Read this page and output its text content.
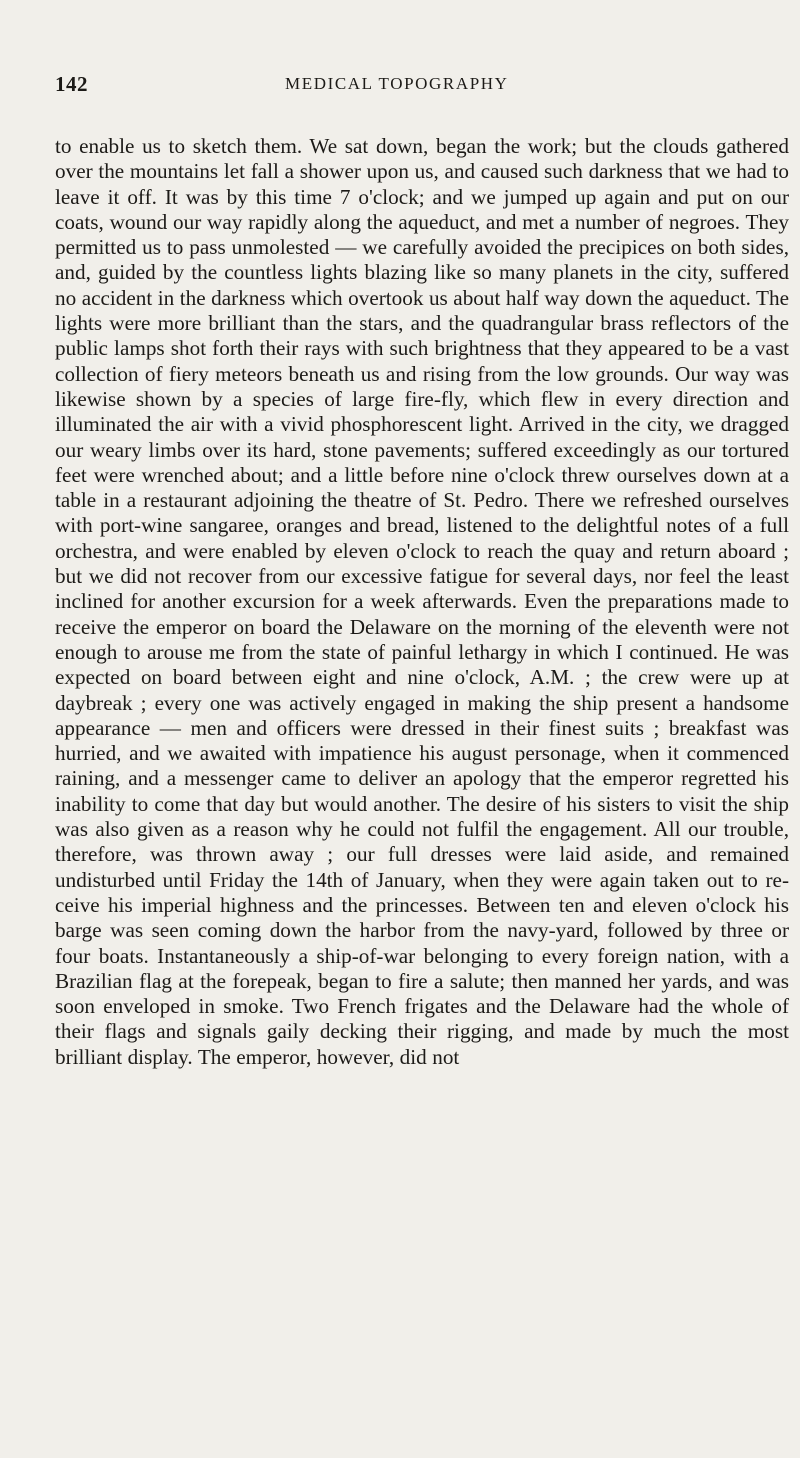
142	MEDICAL TOPOGRAPHY

to enable us to sketch them. We sat down, began the work; but the clouds gathered over the mountains let fall a shower upon us, and caused such darkness that we had to leave it off. It was by this time 7 o'clock; and we jumped up again and put on our coats, wound our way rapidly along the aqueduct, and met a number of negroes. They permitted us to pass unmolested — we carefully avoided the precipices on both sides, and, guided by the countless lights blazing like so many planets in the city, suffered no accident in the darkness which overtook us about half way down the aqueduct. The lights were more brilliant than the stars, and the quadrangular brass reflectors of the public lamps shot forth their rays with such brightness that they appeared to be a vast collection of fiery meteors beneath us and rising from the low grounds. Our way was likewise shown by a species of large fire-fly, which flew in every direction and illuminated the air with a vivid phosphorescent light. Arrived in the city, we dragged our weary limbs over its hard, stone pavements; suffered exceedingly as our tortured feet were wrenched about; and a little before nine o'clock threw ourselves down at a table in a restaurant adjoining the theatre of St. Pedro. There we refreshed ourselves with port-wine sangaree, oranges and bread, listened to the delightful notes of a full orchestra, and were enabled by eleven o'clock to reach the quay and return aboard ; but we did not recover from our excessive fatigue for several days, nor feel the least inclined for another excursion for a week afterwards. Even the preparations made to receive the emperor on board the Delaware on the morning of the eleventh were not enough to arouse me from the state of painful lethargy in which I continued. He was expected on board between eight and nine o'clock, A.M. ; the crew were up at daybreak ; every one was actively engaged in making the ship present a handsome appearance — men and officers were dressed in their finest suits ; breakfast was hurried, and we awaited with impatience his august personage, when it commenced raining, and a messenger came to deliver an apology that the emperor regretted his inability to come that day but would another. The desire of his sisters to visit the ship was also given as a reason why he could not fulfil the engagement. All our trouble, therefore, was thrown away ; our full dresses were laid aside, and remained undisturbed until Friday the 14th of January, when they were again taken out to receive his imperial highness and the princesses. Between ten and eleven o'clock his barge was seen coming down the harbor from the navy-yard, followed by three or four boats. Instantaneously a ship-of-war belonging to every foreign nation, with a Brazilian flag at the forepeak, began to fire a salute; then manned her yards, and was soon enveloped in smoke. Two French frigates and the Delaware had the whole of their flags and signals gaily decking their rigging, and made by much the most brilliant display. The emperor, however, did not
